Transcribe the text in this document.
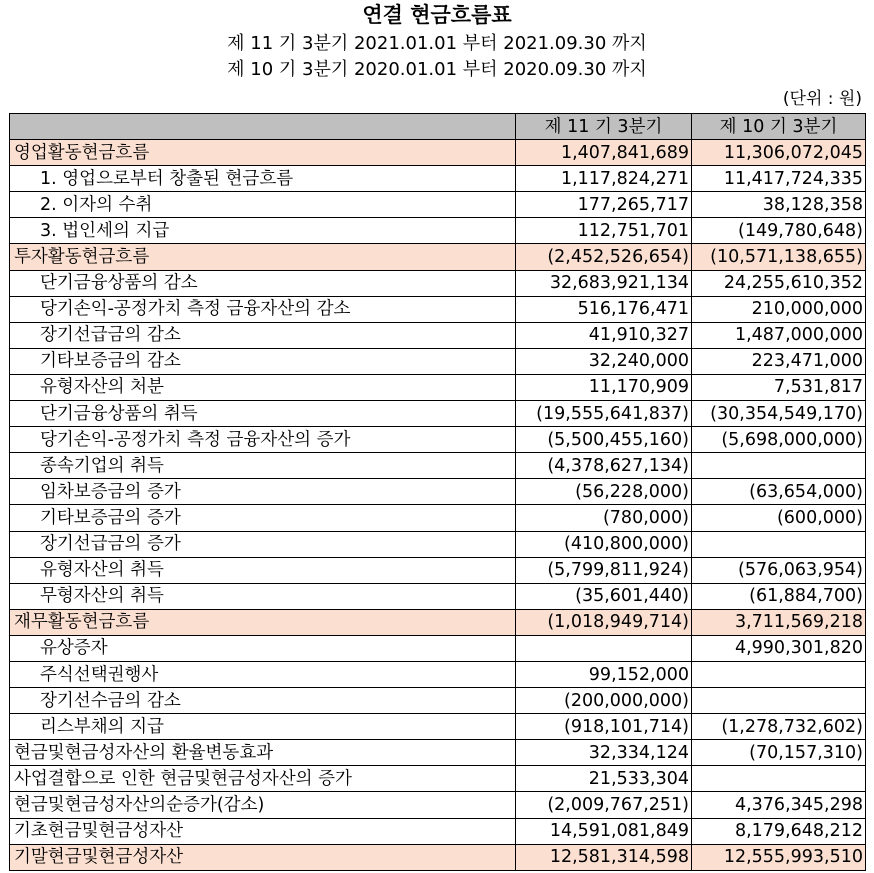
연결 현금흐름표
제 11 기 3분기 2021.01.01 부터 2021.09.30 까지
제 10 기 3분기 2020.01.01 부터 2020.09.30 까지
(단위 : 원)
	제 11 기 3분기	제 10 기 3분기
영업활동현금흐름	1,407,841,689	11,306,072,045
1. 영업으로부터 창출된 현금흐름	1,117,824,271	11,417,724,335
2. 이자의 수취	177,265,717	38,128,358
3. 법인세의 지급	112,751,701	(149,780,648)
투자활동현금흐름	(2,452,526,654)	(10,571,138,655)
단기금융상품의 감소	32,683,921,134	24,255,610,352
당기손익-공정가치 측정 금융자산의 감소	516,176,471	210,000,000
장기선급금의 감소	41,910,327	1,487,000,000
기타보증금의 감소	32,240,000	223,471,000
유형자산의 처분	11,170,909	7,531,817
단기금융상품의 취득	(19,555,641,837)	(30,354,549,170)
당기손익-공정가치 측정 금융자산의 증가	(5,500,455,160)	(5,698,000,000)
종속기업의 취득	(4,378,627,134)	
임차보증금의 증가	(56,228,000)	(63,654,000)
기타보증금의 증가	(780,000)	(600,000)
장기선급금의 증가	(410,800,000)	
유형자산의 취득	(5,799,811,924)	(576,063,954)
무형자산의 취득	(35,601,440)	(61,884,700)
재무활동현금흐름	(1,018,949,714)	3,711,569,218
유상증자		4,990,301,820
주식선택권행사	99,152,000	
장기선수금의 감소	(200,000,000)	
리스부채의 지급	(918,101,714)	(1,278,732,602)
현금및현금성자산의 환율변동효과	32,334,124	(70,157,310)
사업결합으로 인한 현금및현금성자산의 증가	21,533,304	
현금및현금성자산의순증가(감소)	(2,009,767,251)	4,376,345,298
기초현금및현금성자산	14,591,081,849	8,179,648,212
기말현금및현금성자산	12,581,314,598	12,555,993,510
